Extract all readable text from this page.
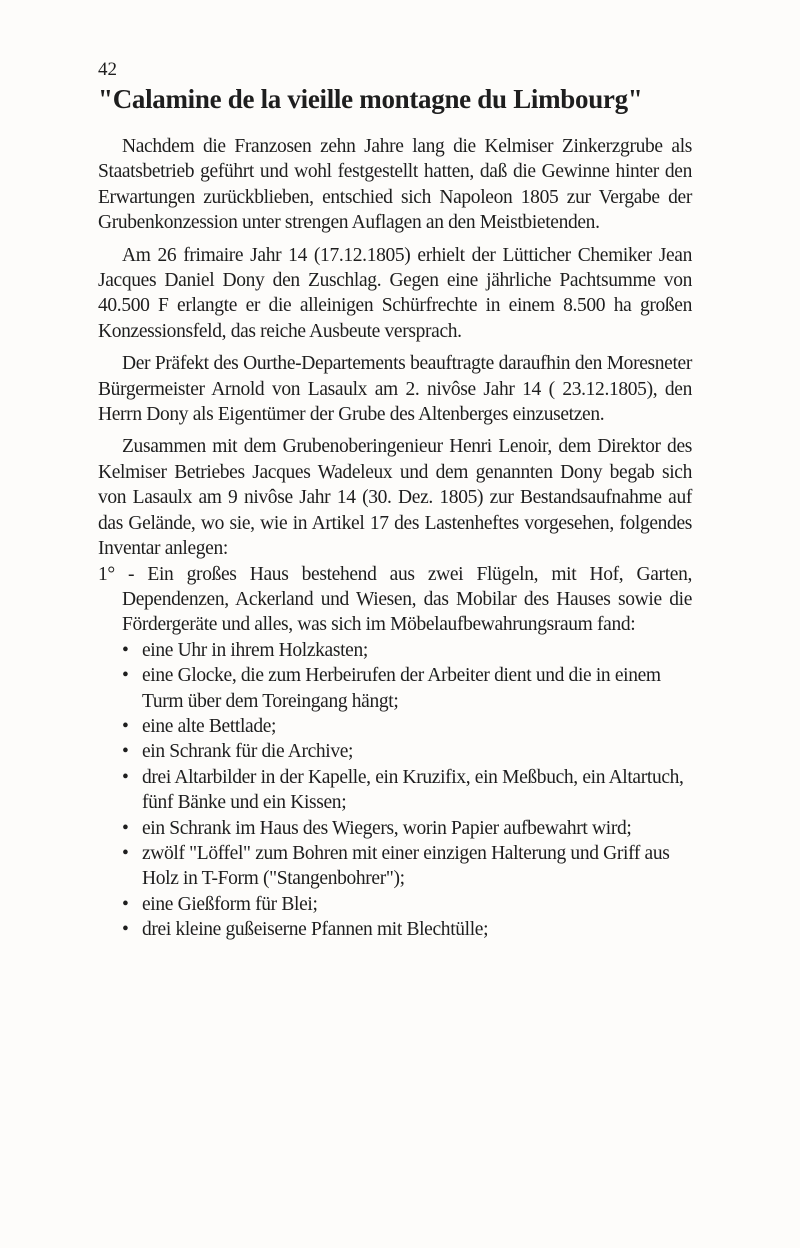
42

"Calamine de la vieille montagne du Limbourg"

Nachdem die Franzosen zehn Jahre lang die Kelmiser Zinkerzgrube als Staatsbetrieb geführt und wohl festgestellt hatten, daß die Gewinne hinter den Erwartungen zurückblieben, entschied sich Napoleon 1805 zur Vergabe der Grubenkonzession unter strengen Auflagen an den Meistbietenden.

Am 26 frimaire Jahr 14 (17.12.1805) erhielt der Lütticher Chemiker Jean Jacques Daniel Dony den Zuschlag. Gegen eine jährliche Pachtsumme von 40.500 F erlangte er die alleinigen Schürfrechte in einem 8.500 ha großen Konzessionsfeld, das reiche Ausbeute versprach.

Der Präfekt des Ourthe-Departements beauftragte daraufhin den Moresneter Bürgermeister Arnold von Lasaulx am 2. nivôse Jahr 14 ( 23.12.1805), den Herrn Dony als Eigentümer der Grube des Altenberges einzusetzen.

Zusammen mit dem Grubenoberingenieur Henri Lenoir, dem Direktor des Kelmiser Betriebes Jacques Wadeleux und dem genannten Dony begab sich von Lasaulx am 9 nivôse Jahr 14 (30. Dez. 1805) zur Bestandsaufnahme auf das Gelände, wo sie, wie in Artikel 17 des Lastenheftes vorgesehen, folgendes Inventar anlegen:

1° - Ein großes Haus bestehend aus zwei Flügeln, mit Hof, Garten, Dependenzen, Ackerland und Wiesen, das Mobilar des Hauses sowie die Fördergeräte und alles, was sich im Möbelaufbewahrungsraum fand:

• eine Uhr in ihrem Holzkasten;
• eine Glocke, die zum Herbeirufen der Arbeiter dient und die in einem Turm über dem Toreingang hängt;
• eine alte Bettlade;
• ein Schrank für die Archive;
• drei Altarbilder in der Kapelle, ein Kruzifix, ein Meßbuch, ein Altartuch, fünf Bänke und ein Kissen;
• ein Schrank im Haus des Wiegers, worin Papier aufbewahrt wird;
• zwölf "Löffel" zum Bohren mit einer einzigen Halterung und Griff aus Holz in T-Form ("Stangenbohrer");
• eine Gießform für Blei;
• drei kleine gußeiserne Pfannen mit Blechtülle;
